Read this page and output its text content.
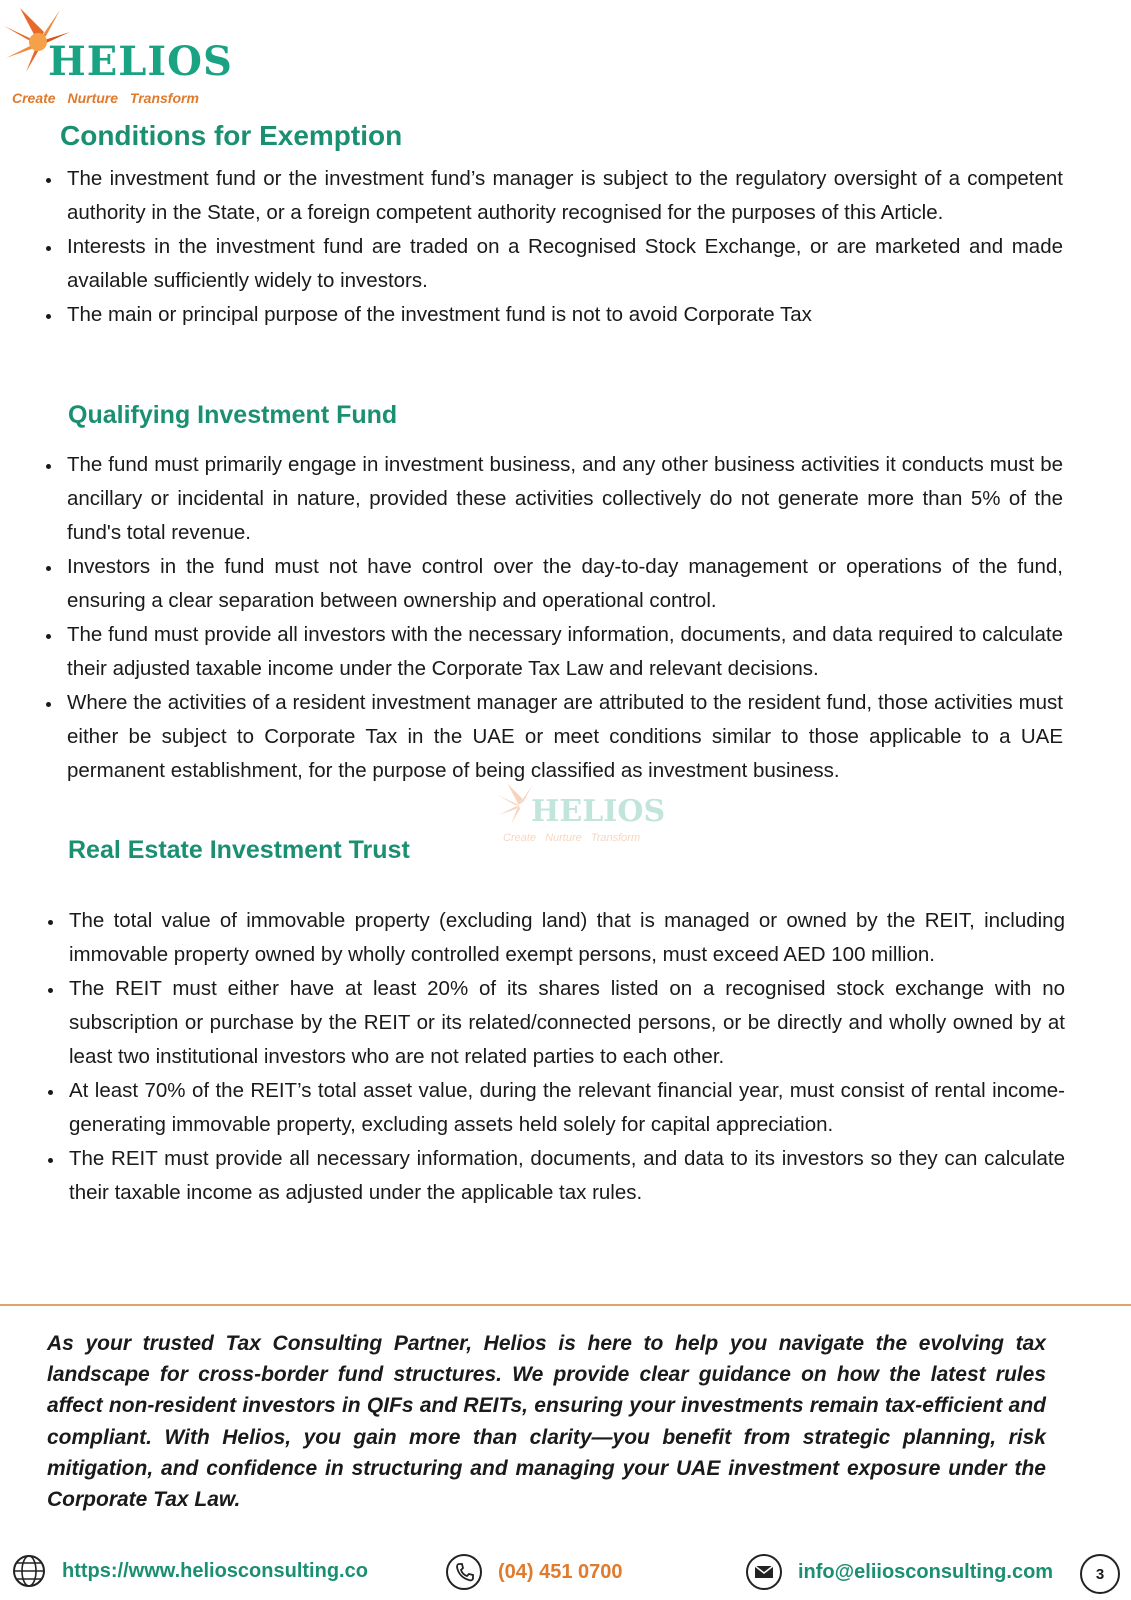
HELIOS
Create Nurture Transform
Conditions for Exemption
The investment fund or the investment fund’s manager is subject to the regulatory oversight of a competent authority in the State, or a foreign competent authority recognised for the purposes of this Article.
Interests in the investment fund are traded on a Recognised Stock Exchange, or are marketed and made available sufficiently widely to investors.
The main or principal purpose of the investment fund is not to avoid Corporate Tax
Qualifying Investment Fund
The fund must primarily engage in investment business, and any other business activities it conducts must be ancillary or incidental in nature, provided these activities collectively do not generate more than 5% of the fund's total revenue.
Investors in the fund must not have control over the day-to-day management or operations of the fund, ensuring a clear separation between ownership and operational control.
The fund must provide all investors with the necessary information, documents, and data required to calculate their adjusted taxable income under the Corporate Tax Law and relevant decisions.
Where the activities of a resident investment manager are attributed to the resident fund, those activities must either be subject to Corporate Tax in the UAE or meet conditions similar to those applicable to a UAE permanent establishment, for the purpose of being classified as investment business.
HELIOS
Create Nurture Transform
Real Estate Investment Trust
The total value of immovable property (excluding land) that is managed or owned by the REIT, including immovable property owned by wholly controlled exempt persons, must exceed AED 100 million.
The REIT must either have at least 20% of its shares listed on a recognised stock exchange with no subscription or purchase by the REIT or its related/connected persons, or be directly and wholly owned by at least two institutional investors who are not related parties to each other.
At least 70% of the REIT’s total asset value, during the relevant financial year, must consist of rental income-generating immovable property, excluding assets held solely for capital appreciation.
The REIT must provide all necessary information, documents, and data to its investors so they can calculate their taxable income as adjusted under the applicable tax rules.

As your trusted Tax Consulting Partner, Helios is here to help you navigate the evolving tax landscape for cross-border fund structures. We provide clear guidance on how the latest rules affect non-resident investors in QIFs and REITs, ensuring your investments remain tax-efficient and compliant. With Helios, you gain more than clarity—you benefit from strategic planning, risk mitigation, and confidence in structuring and managing your UAE investment exposure under the Corporate Tax Law.

https://www.heliosconsulting.co	(04) 451 0700	info@eliiosconsulting.com	3
